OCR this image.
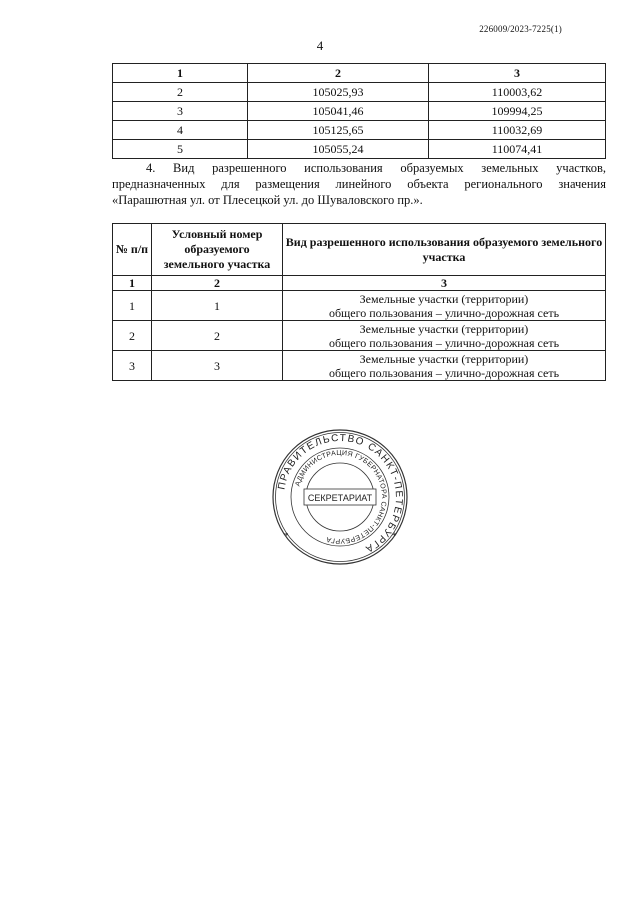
226009/2023-7225(1)
4
1	2	3
2	105025,93	110003,62
3	105041,46	109994,25
4	105125,65	110032,69
5	105055,24	110074,41
4. Вид разрешенного использования образуемых земельных участков, предназначенных для размещения линейного объекта регионального значения «Парашютная ул. от Плесецкой ул. до Шуваловского пр.».
№ п/п	Условный номер образуемого земельного участка	Вид разрешенного использования образуемого земельного участка
1	2	3
1	1	Земельные участки (территории)
общего пользования – улично-дорожная сеть

2	2	Земельные участки (территории)
общего пользования – улично-дорожная сеть

3	3	Земельные участки (территории)
общего пользования – улично-дорожная сеть
ПРАВИТЕЛЬСТВО САНКТ-ПЕТЕРБУРГА
АДМИНИСТРАЦИЯ ГУБЕРНАТОРА САНКТ-ПЕТЕРБУРГА
СЕКРЕТАРИАТ
*	*
